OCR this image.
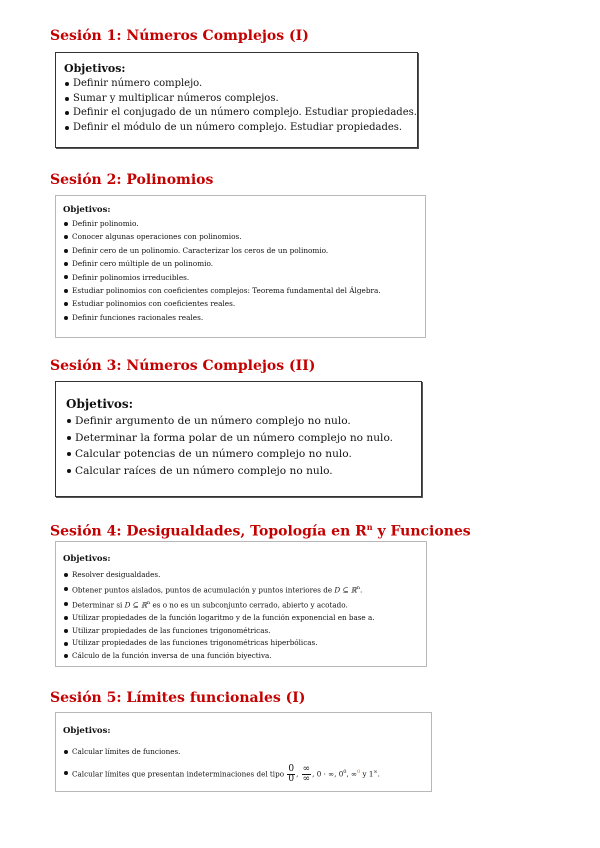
Sesión 1: Números Complejos (I)

Objetivos:

Definir número complejo.
Sumar y multiplicar números complejos.
Definir el conjugado de un número complejo. Estudiar propiedades.
Definir el módulo de un número complejo. Estudiar propiedades.
Sesión 2: Polinomios

Objetivos:

Definir polinomio.
Conocer algunas operaciones con polinomios.
Definir cero de un polinomio. Caracterizar los ceros de un polinomio.
Definir cero múltiple de un polinomio.
Definir polinomios irreducibles.
Estudiar polinomios con coeficientes complejos: Teorema fundamental del Álgebra.
Estudiar polinomios con coeficientes reales.
Definir funciones racionales reales.
Sesión 3: Números Complejos (II)

Objetivos:

Definir argumento de un número complejo no nulo.
Determinar la forma polar de un número complejo no nulo.
Calcular potencias de un número complejo no nulo.
Calcular raíces de un número complejo no nulo.
Sesión 4: Desigualdades, Topología en $R^n$ y Funciones

Objetivos:

Resolver desigualdades.
Obtener puntos aislados, puntos de acumulación y puntos interiores de D ⊆ ℝ$^n$.
Determinar si D ⊆ ℝ$^n$ es o no es un subconjunto cerrado, abierto y acotado.
Utilizar propiedades de la función logaritmo y de la función exponencial en base a.
Utilizar propiedades de las funciones trigonométricas.
Utilizar propiedades de las funciones trigonométricas hiperbólicas.
Cálculo de la función inversa de una función biyectiva.
Sesión 5: Límites funcionales (I)

Objetivos:

Calcular límites de funciones.
Calcular límites que presentan indeterminaciones del tipo $\frac{0}{0}$ , $\frac{\infty}{\infty}$ , 0 · ∞, $0^0$, ∞$^0$ y 1∞.
